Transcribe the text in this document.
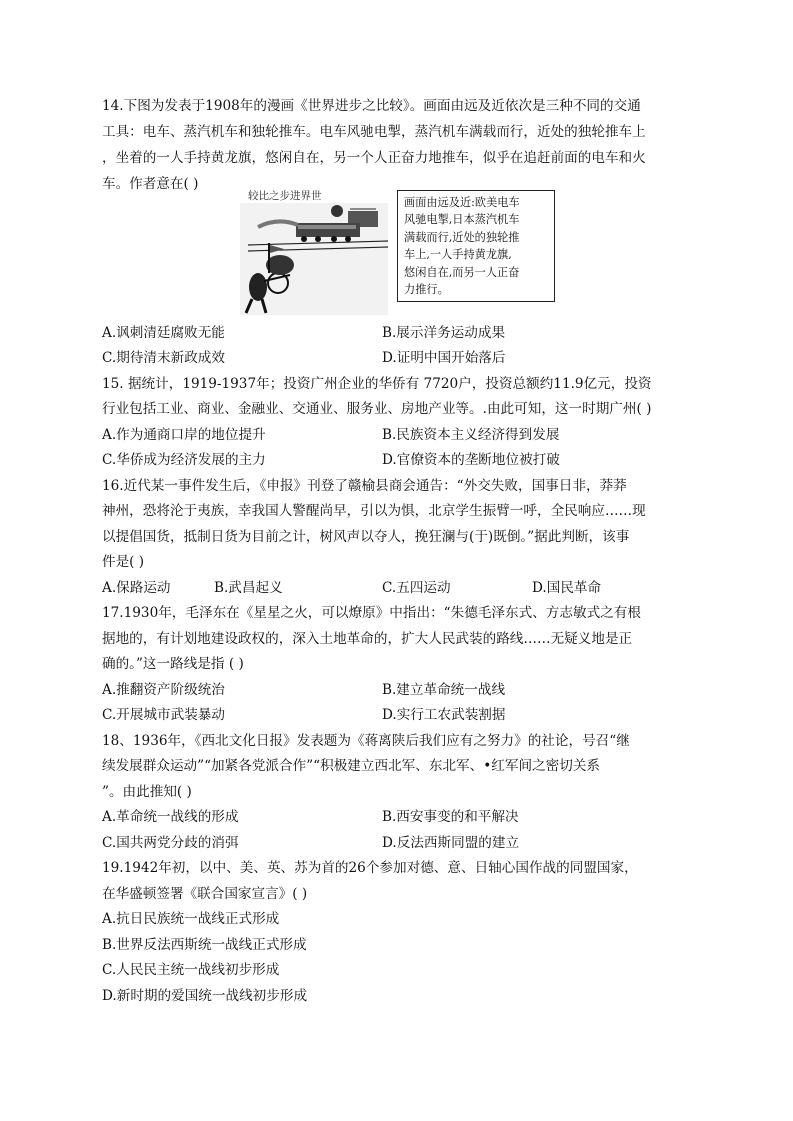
14.下图为发表于1908年的漫画《世界进步之比较》。画面由远及近依次是三种不同的交通
工具：电车、蒸汽机车和独轮推车。电车风驰电掣，蒸汽机车满载而行，近处的独轮推车上
，坐着的一人手持黄龙旗，悠闲自在，另一个人正奋力地推车，似乎在追赶前面的电车和火
车。作者意在( )
较比之步进界世	画面由远及近:欧美电车
风驰电掣,日本蒸汽机车
满载而行,近处的独轮推
车上,一人手持黄龙旗,
悠闲自在,而另一人正奋
力推行。
A.讽刺清廷腐败无能	B.展示洋务运动成果
C.期待清末新政成效	D.证明中国开始落后
15. 据统计，1919-1937年；投资广州企业的华侨有 7720户，投资总额约11.9亿元，投资
行业包括工业、商业、金融业、交通业、服务业、房地产业等。.由此可知，这一时期广州( )
A.作为通商口岸的地位提升	B.民族资本主义经济得到发展
C.华侨成为经济发展的主力	D.官僚资本的垄断地位被打破
16.近代某一事件发生后，《申报》刊登了赣榆县商会通告：“外交失败，国事日非，莽莽
神州，恐将沦于夷族，幸我国人警醒尚早，引以为惧，北京学生振臂一呼，全民响应……现
以提倡国货，抵制日货为目前之计，树风声以夺人，挽狂澜与(于)既倒。”据此判断，该事
件是( )
A.保路运动	B.武昌起义	C.五四运动	D.国民革命
17.1930年，毛泽东在《星星之火，可以燎原》中指出：“朱德毛泽东式、方志敏式之有根
据地的，有计划地建设政权的，深入土地革命的，扩大人民武装的路线……无疑义地是正
确的。”这一路线是指 ( )
A.推翻资产阶级统治	B.建立革命统一战线
C.开展城市武装暴动	D.实行工农武装割据
18、1936年，《西北文化日报》发表题为《蒋离陕后我们应有之努力》的社论，号召“继
续发展群众运动”“加紧各党派合作”“积极建立西北军、东北军、•红军间之密切关系
”。由此推知( )
A.革命统一战线的形成	B.西安事变的和平解决
C.国共两党分歧的消弭	D.反法西斯同盟的建立
19.1942年初，以中、美、英、苏为首的26个参加对德、意、日轴心国作战的同盟国家，
在华盛顿签署《联合国家宣言》( )
A.抗日民族统一战线正式形成
B.世界反法西斯统一战线正式形成
C.人民民主统一战线初步形成
D.新时期的爱国统一战线初步形成
